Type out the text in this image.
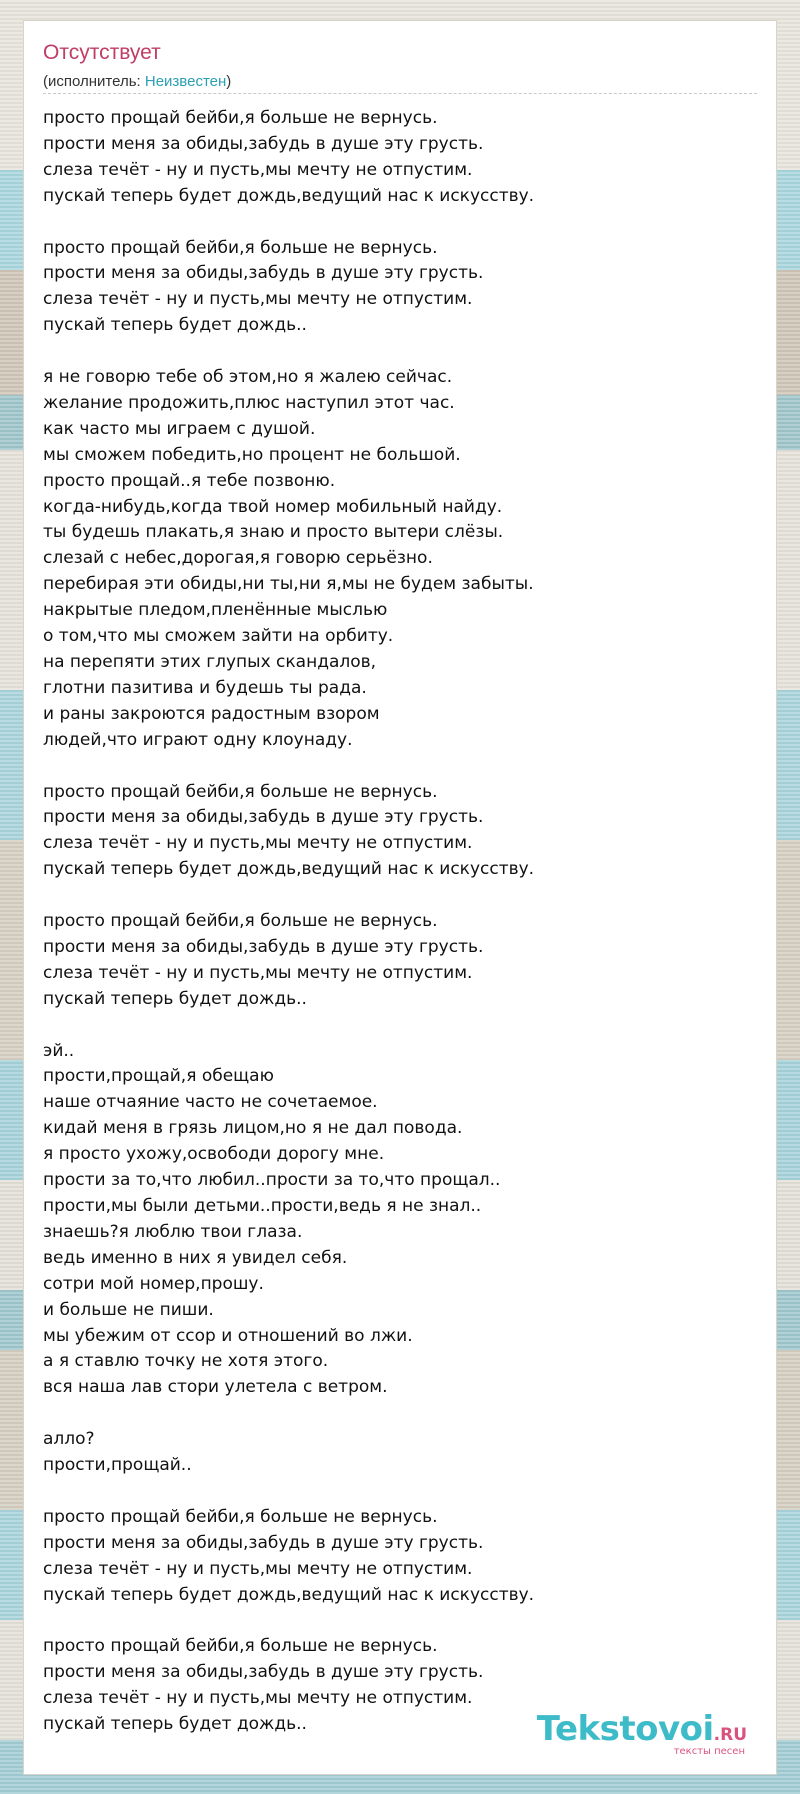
Отсутствует
(исполнитель: Неизвестен)
просто прощай бейби,я больше не вернусь.
прости меня за обиды,забудь в душе эту грусть.
слеза течёт - ну и пусть,мы мечту не отпустим.
пускай теперь будет дождь,ведущий нас к искусству.
просто прощай бейби,я больше не вернусь.
прости меня за обиды,забудь в душе эту грусть.
слеза течёт - ну и пусть,мы мечту не отпустим.
пускай теперь будет дождь..
я не говорю тебе об этом,но я жалею сейчас.
желание продожить,плюс наступил этот час.
как часто мы играем с душой.
мы сможем победить,но процент не большой.
просто прощай..я тебе позвоню.
когда-нибудь,когда твой номер мобильный найду.
ты будешь плакать,я знаю и просто вытери слёзы.
слезай с небес,дорогая,я говорю серьёзно.
перебирая эти обиды,ни ты,ни я,мы не будем забыты.
накрытые пледом,пленённые мыслью
о том,что мы сможем зайти на орбиту.
на перепяти этих глупых скандалов,
глотни пазитива и будешь ты рада.
и раны закроются радостным взором
людей,что играют одну клоунаду.
просто прощай бейби,я больше не вернусь.
прости меня за обиды,забудь в душе эту грусть.
слеза течёт - ну и пусть,мы мечту не отпустим.
пускай теперь будет дождь,ведущий нас к искусству.
просто прощай бейби,я больше не вернусь.
прости меня за обиды,забудь в душе эту грусть.
слеза течёт - ну и пусть,мы мечту не отпустим.
пускай теперь будет дождь..
эй..
прости,прощай,я обещаю
наше отчаяние часто не сочетаемое.
кидай меня в грязь лицом,но я не дал повода.
я просто ухожу,освободи дорогу мне.
прости за то,что любил..прости за то,что прощал..
прости,мы были детьми..прости,ведь я не знал..
знаешь?я люблю твои глаза.
ведь именно в них я увидел себя.
сотри мой номер,прошу.
и больше не пиши.
мы убежим от ссор и отношений во лжи.
а я ставлю точку не хотя этого.
вся наша лав стори улетела с ветром.
алло?
прости,прощай..
просто прощай бейби,я больше не вернусь.
прости меня за обиды,забудь в душе эту грусть.
слеза течёт - ну и пусть,мы мечту не отпустим.
пускай теперь будет дождь,ведущий нас к искусству.
просто прощай бейби,я больше не вернусь.
прости меня за обиды,забудь в душе эту грусть.
слеза течёт - ну и пусть,мы мечту не отпустим.
пускай теперь будет дождь..	Tekstovoi.RU
тексты песен
